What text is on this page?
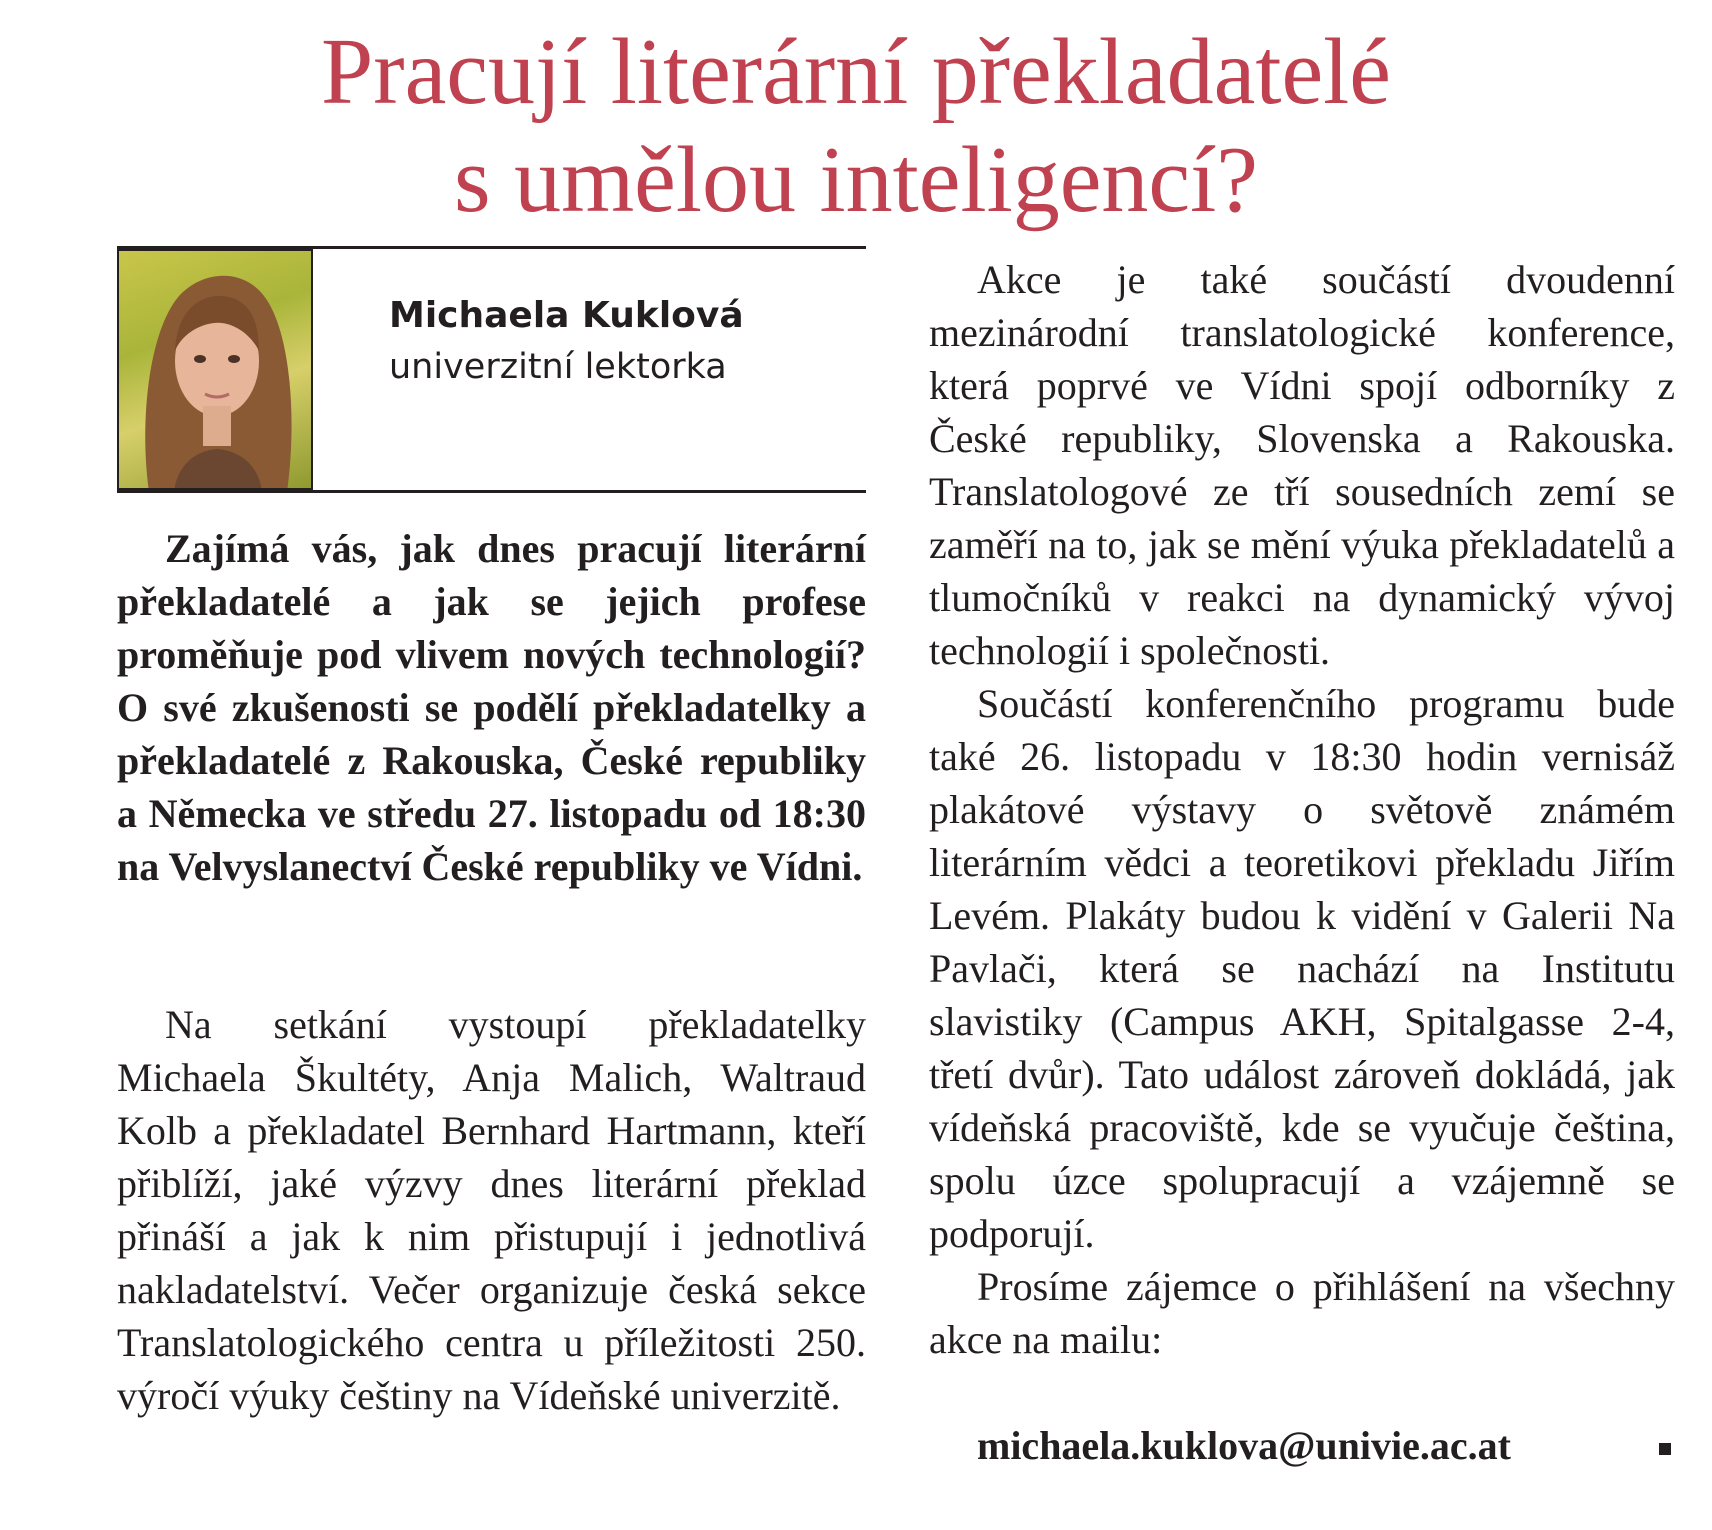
Pracují literární překladatelé
s umělou inteligencí?
Michaela Kuklová
univerzitní lektorka

Zajímá vás, jak dnes pracují literární překladatelé a jak se jejich profese proměňuje pod vlivem nových technologií? O své zkušenosti se podělí překladatelky a překladatelé z Rakouska, České republiky a Německa ve středu 27. listopadu od 18:30 na Velvyslanectví České republiky ve Vídni.

Na setkání vystoupí překladatelky Michaela Škultéty, Anja Malich, Waltraud Kolb a překladatel Bernhard Hartmann, kteří přiblíží, jaké výzvy dnes literární překlad přináší a jak k nim přistupují i jednotlivá nakladatelství. Večer organizuje česká sekce Translatologického centra u příležitosti 250. výročí výuky češtiny na Vídeňské univerzitě.

Akce je také součástí dvoudenní mezinárodní translatologické konference, která poprvé ve Vídni spojí odborníky z České republiky, Slovenska a Rakouska. Translatologové ze tří sousedních zemí se zaměří na to, jak se mění výuka překladatelů a tlumočníků v reakci na dynamický vývoj technologií i společnosti.

Součástí konferenčního programu bude také 26. listopadu v 18:30 hodin vernisáž plakátové výstavy o světově známém literárním vědci a teoretikovi překladu Jiřím Levém. Plakáty budou k vidění v Galerii Na Pavlači, která se nachází na Institutu slavistiky (Campus AKH, Spitalgasse 2-4, třetí dvůr). Tato událost zároveň dokládá, jak vídeňská pracoviště, kde se vyučuje čeština, spolu úzce spolupracují a vzájemně se podporují.

Prosíme zájemce o přihlášení na všechny akce na mailu:

michaela.kuklova@univie.ac.at
